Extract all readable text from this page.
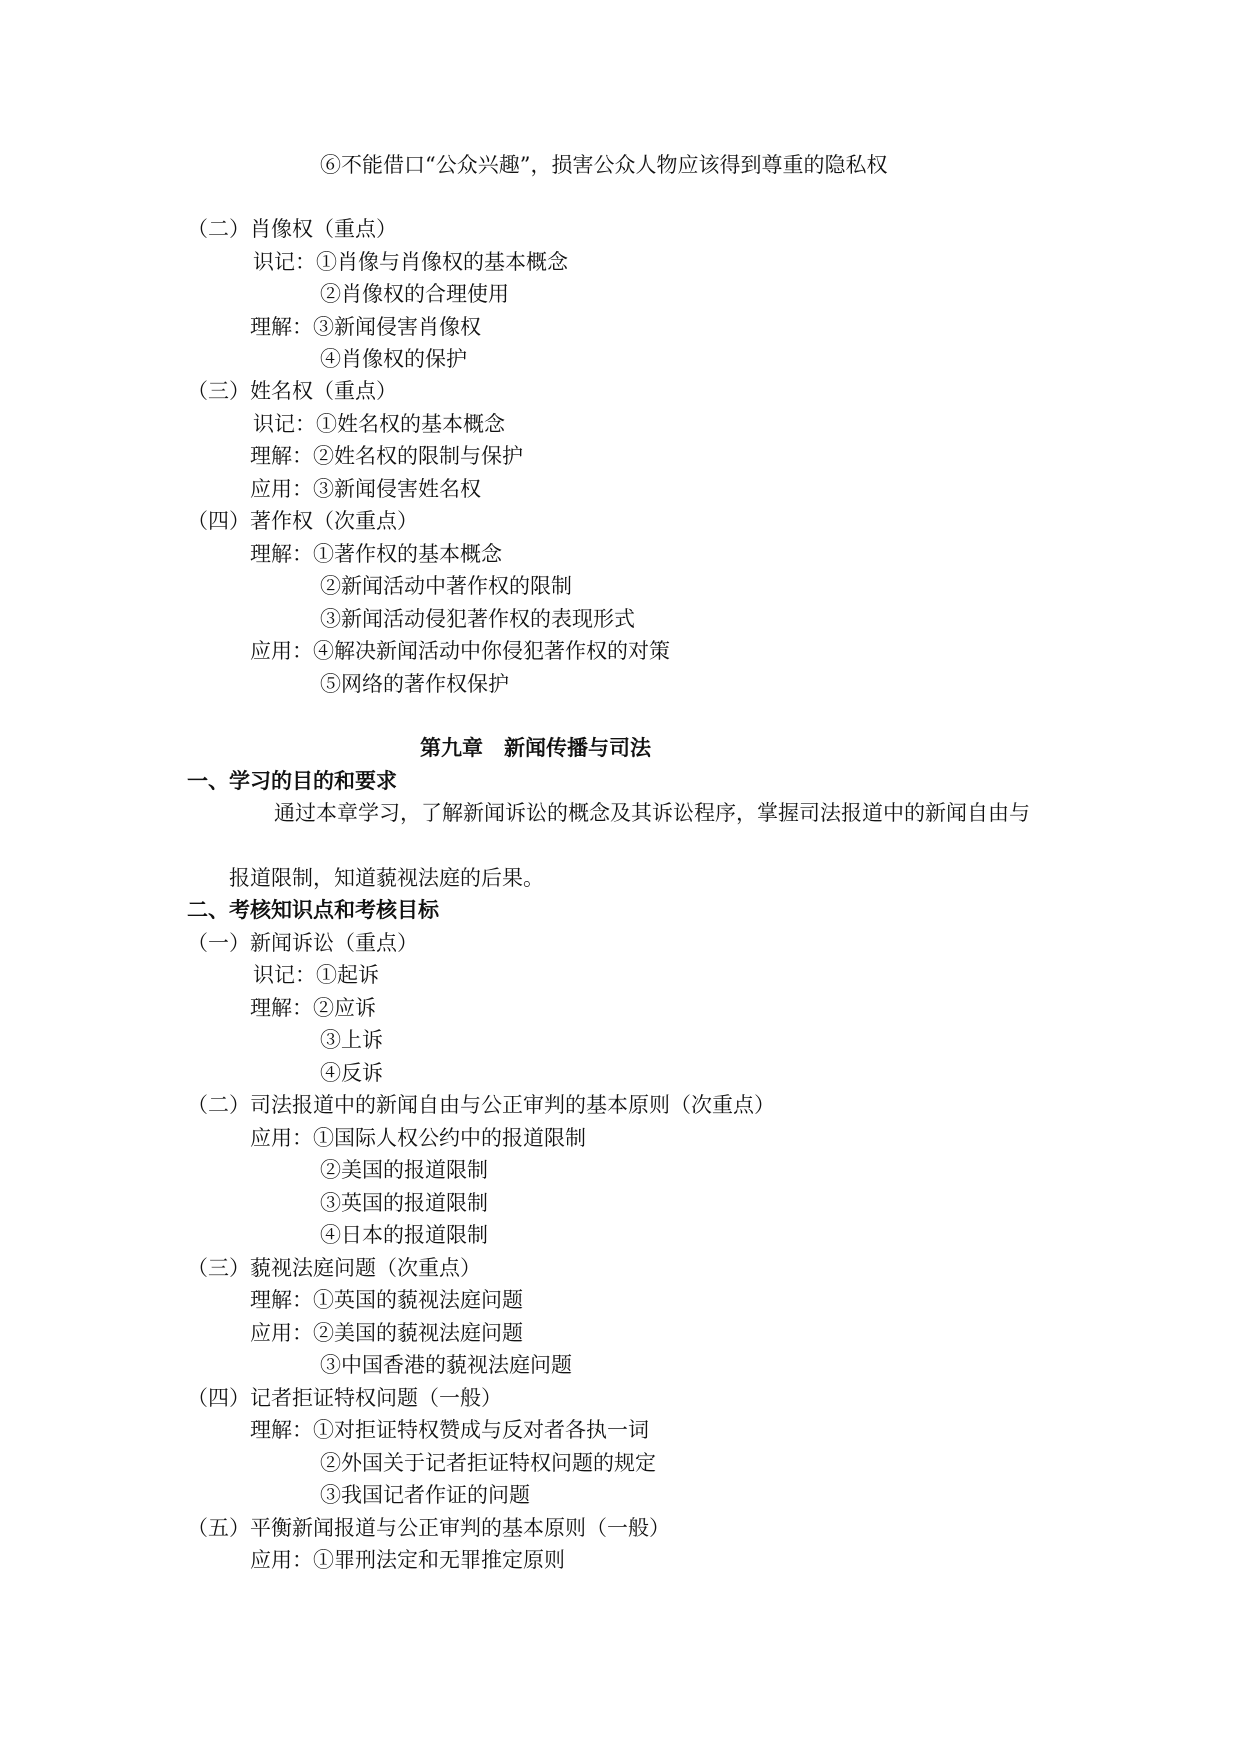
⑥不能借口“公众兴趣”，损害公众人物应该得到尊重的隐私权
（二）肖像权（重点）
识记：①肖像与肖像权的基本概念
②肖像权的合理使用
理解：③新闻侵害肖像权
④肖像权的保护
（三）姓名权（重点）
识记：①姓名权的基本概念
理解：②姓名权的限制与保护
应用：③新闻侵害姓名权
（四）著作权（次重点）
理解：①著作权的基本概念
②新闻活动中著作权的限制
③新闻活动侵犯著作权的表现形式
应用：④解决新闻活动中你侵犯著作权的对策
⑤网络的著作权保护
第九章　新闻传播与司法
一、学习的目的和要求
通过本章学习，了解新闻诉讼的概念及其诉讼程序，掌握司法报道中的新闻自由与
报道限制，知道藐视法庭的后果。
二、考核知识点和考核目标
（一）新闻诉讼（重点）
识记：①起诉
理解：②应诉
③上诉
④反诉
（二）司法报道中的新闻自由与公正审判的基本原则（次重点）
应用：①国际人权公约中的报道限制
②美国的报道限制
③英国的报道限制
④日本的报道限制
（三）藐视法庭问题（次重点）
理解：①英国的藐视法庭问题
应用：②美国的藐视法庭问题
③中国香港的藐视法庭问题
（四）记者拒证特权问题（一般）
理解：①对拒证特权赞成与反对者各执一词
②外国关于记者拒证特权问题的规定
③我国记者作证的问题
（五）平衡新闻报道与公正审判的基本原则（一般）
应用：①罪刑法定和无罪推定原则
